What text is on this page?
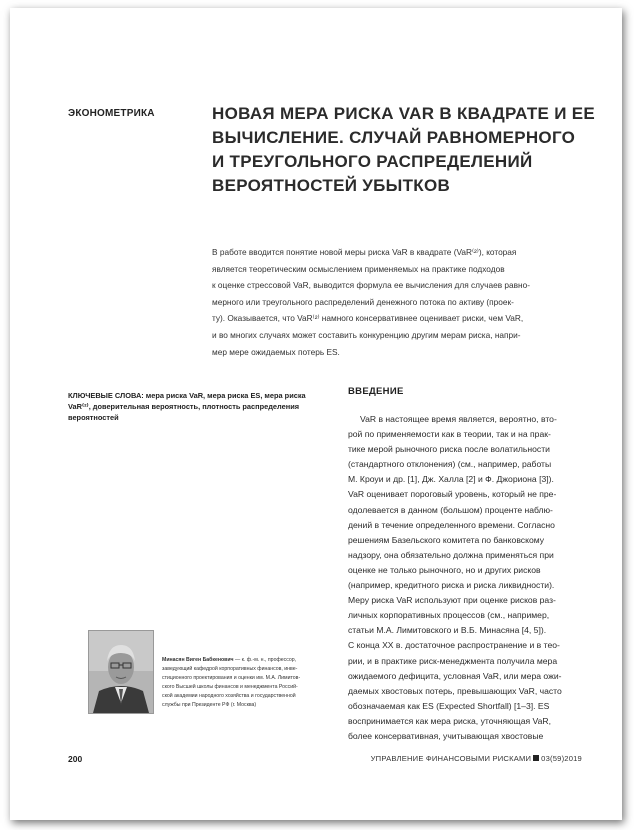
ЭКОНОМЕТРИКА	НОВАЯ МЕРА РИСКА VAR В КВАДРАТЕ И ЕЕ
ВЫЧИСЛЕНИЕ. СЛУЧАЙ РАВНОМЕРНОГО
И ТРЕУГОЛЬНОГО РАСПРЕДЕЛЕНИЙ
ВЕРОЯТНОСТЕЙ УБЫТКОВ
В работе вводится понятие новой меры риска VaR в квадрате (VaR⁽²⁾), которая
является теоретическим осмыслением применяемых на практике подходов
к оценке стрессовой VaR, выводится формула ее вычисления для случаев равно-
мерного или треугольного распределений денежного потока по активу (проек-
ту). Оказывается, что VaR⁽²⁾ намного консервативнее оценивает риски, чем VaR,
и во многих случаях может составить конкуренцию другим мерам риска, напри-
мер мере ожидаемых потерь ES.
КЛЮЧЕВЫЕ СЛОВА: мера риска VaR, мера риска ES, мера риска
VaR⁽²⁾, доверительная вероятность, плотность распределения
вероятностей
ВВЕДЕНИЕ
VaR в настоящее время является, вероятно, вто-
рой по применяемости как в теории, так и на прак-
тике мерой рыночного риска после волатильности
(стандартного отклонения) (см., например, работы
М. Кроуи и др. [1], Дж. Халла [2] и Ф. Джориона [3]).
VaR оценивает пороговый уровень, который не пре-
одолевается в данном (большом) проценте наблю-
дений в течение определенного времени. Согласно
решениям Базельского комитета по банковскому
надзору, она обязательно должна применяться при
оценке не только рыночного, но и других рисков
(например, кредитного риска и риска ликвидности).
Меру риска VaR используют при оценке рисков раз-
личных корпоративных процессов (см., например,
статьи М.А. Лимитовского и В.Б. Минасяна [4, 5]).
С конца XX в. достаточное распространение и в тео-
рии, и в практике риск-менеджмента получила мера
ожидаемого дефицита, условная VaR, или мера ожи-
даемых хвостовых потерь, превышающих VaR, часто
обозначаемая как ES (Expected Shortfall) [1–3]. ES
воспринимается как мера риска, уточняющая VaR,
более консервативная, учитывающая хвостовые
Минасян Виген Бабкенович — к. ф.-м. н., профессор,
заведующий кафедрой корпоративных финансов, инве-
стиционного проектирования и оценки им. М.А. Лимитов-
ского Высшей школы финансов и менеджмента Россий-
ской академии народного хозяйства и государственной
службы при Президенте РФ (г. Москва)
200	УПРАВЛЕНИЕ ФИНАНСОВЫМИ РИСКАМИ 03(59)2019
